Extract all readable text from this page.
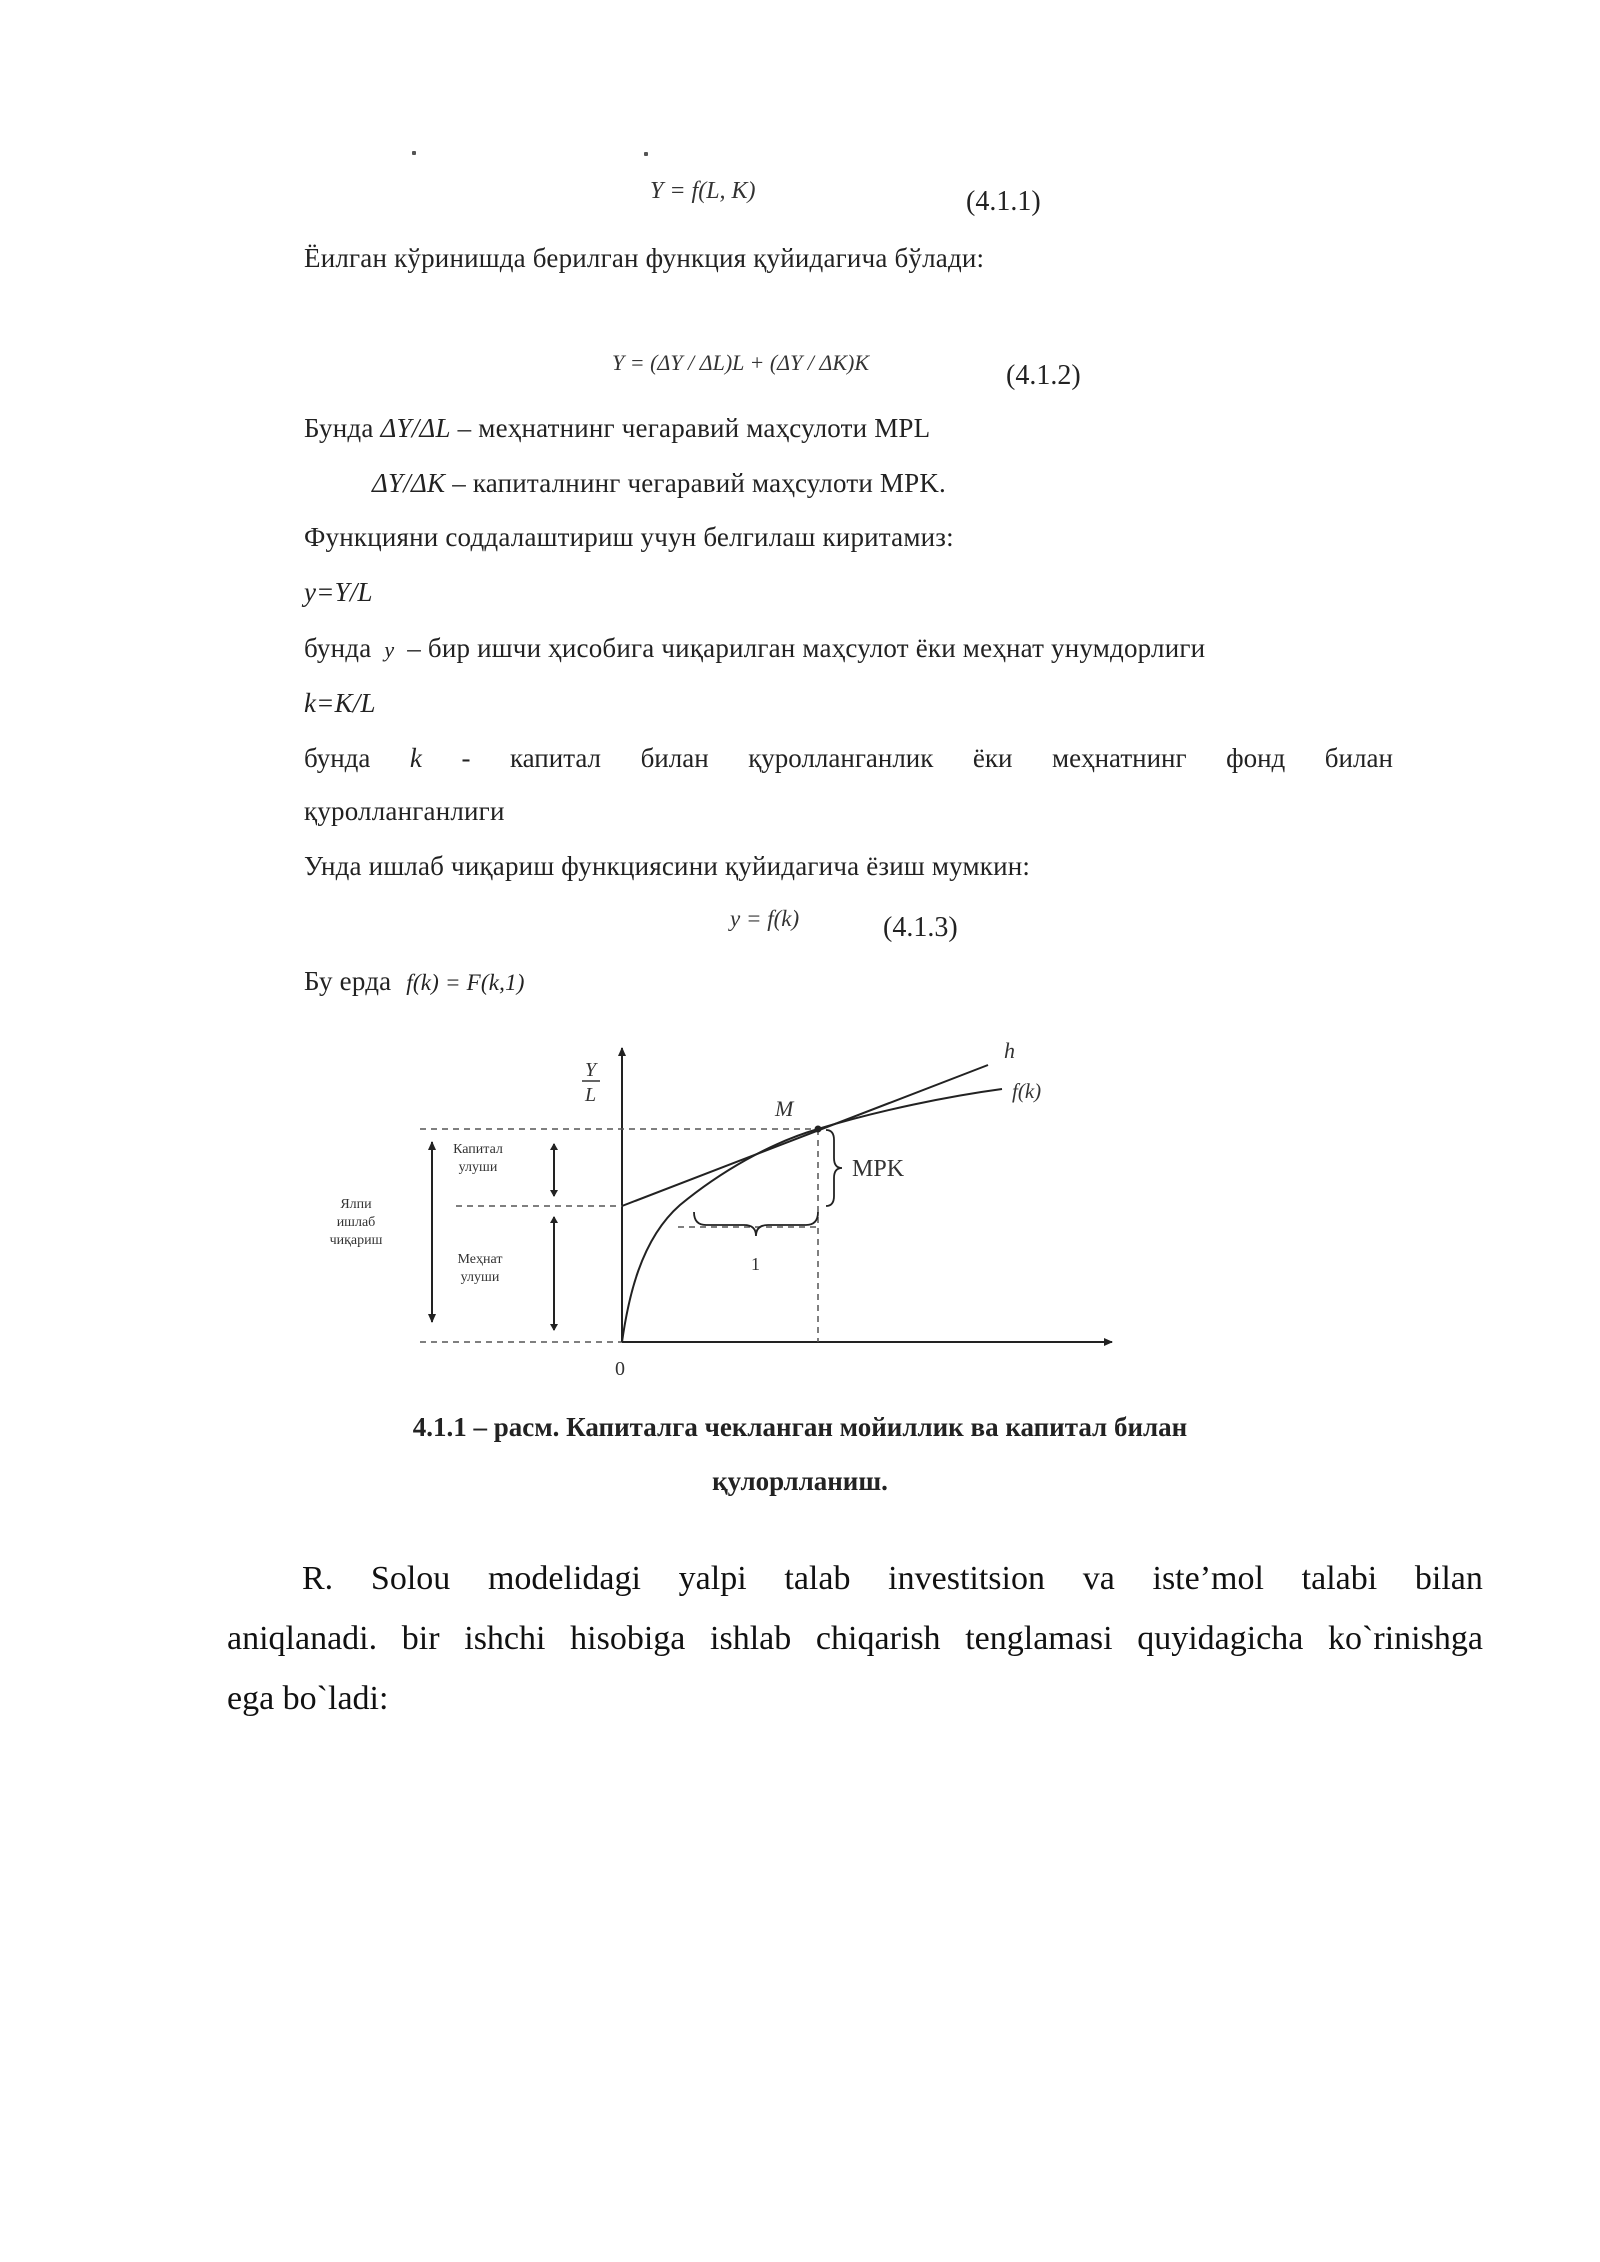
Y = f(L, K)	(4.1.1)
Ёилган кўринишда берилган функция қуйидагича бўлади:
Y = (ΔY / ΔL)L + (ΔY / ΔK)K	(4.1.2)
Бунда ΔY/ΔL – меҳнатнинг чегаравий маҳсулоти MPL
ΔY/ΔK – капиталнинг чегаравий маҳсулоти MPK.
Функцияни соддалаштириш учун белгилаш киритамиз:
y=Y/L
бунда y – бир ишчи ҳисобига чиқарилган маҳсулот ёки меҳнат унумдорлиги
k=K/L
бунда k - капитал билан қуролланганлик ёки меҳнатнинг фонд билан
қуролланганлиги
Унда ишлаб чиқариш функциясини қуйидагича ёзиш мумкин:
y = f(k)	(4.1.3)
Бу ерда f(k) = F(k,1)
Y
L
0
M
h
f(k)
MPK
1
Ялпи
ишлаб
чиқариш
Капитал
улуши
Меҳнат
улуши
4.1.1 – расм. Капиталга чекланган мойиллик ва капитал билан
қулорлланиш.
R. Solou modelidagi yalpi talab investitsion va iste’mol talabi bilan
aniqlanadi. bir ishchi hisobiga ishlab chiqarish tenglamasi quyidagicha ko`rinishga
ega bo`ladi:
